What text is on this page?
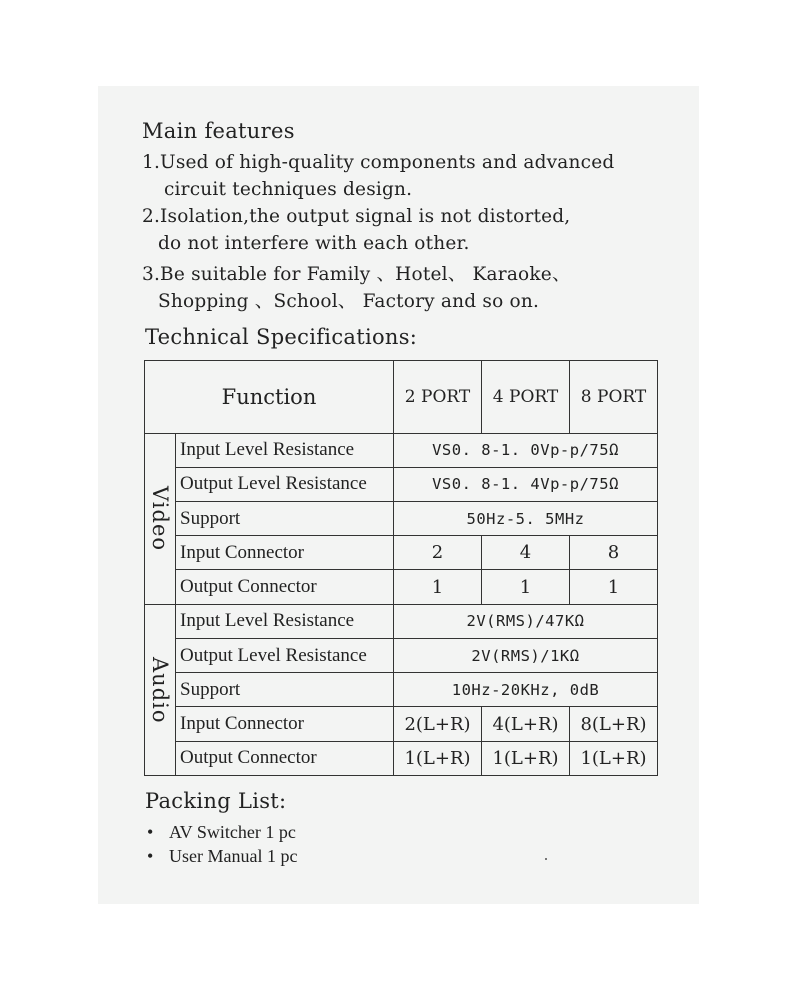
Main features
1.Used of high-quality components and advanced
circuit techniques design.
2.Isolation,the output signal is not distorted,
do not interfere with each other.
3.Be suitable for Family 、Hotel、 Karaoke、
Shopping 、School、 Factory and so on.
Technical Specifications:
Function		2 PORT	4 PORT	8 PORT
Video	Input Level Resistance	VS0. 8-1. 0Vp-p/75Ω		
	Output Level Resistance	VS0. 8-1. 4Vp-p/75Ω		
	Support	50Hz-5. 5MHz		
	Input Connector	2	4	8
	Output Connector	1	1	1
Audio	Input Level Resistance	2V(RMS)/47KΩ		
	Output Level Resistance	2V(RMS)/1KΩ		
	Support	10Hz-20KHz, 0dB		
	Input Connector	2(L+R)	4(L+R)	8(L+R)
	Output Connector	1(L+R)	1(L+R)	1(L+R)
Packing List:
• AV Switcher 1 pc
• User Manual 1 pc
